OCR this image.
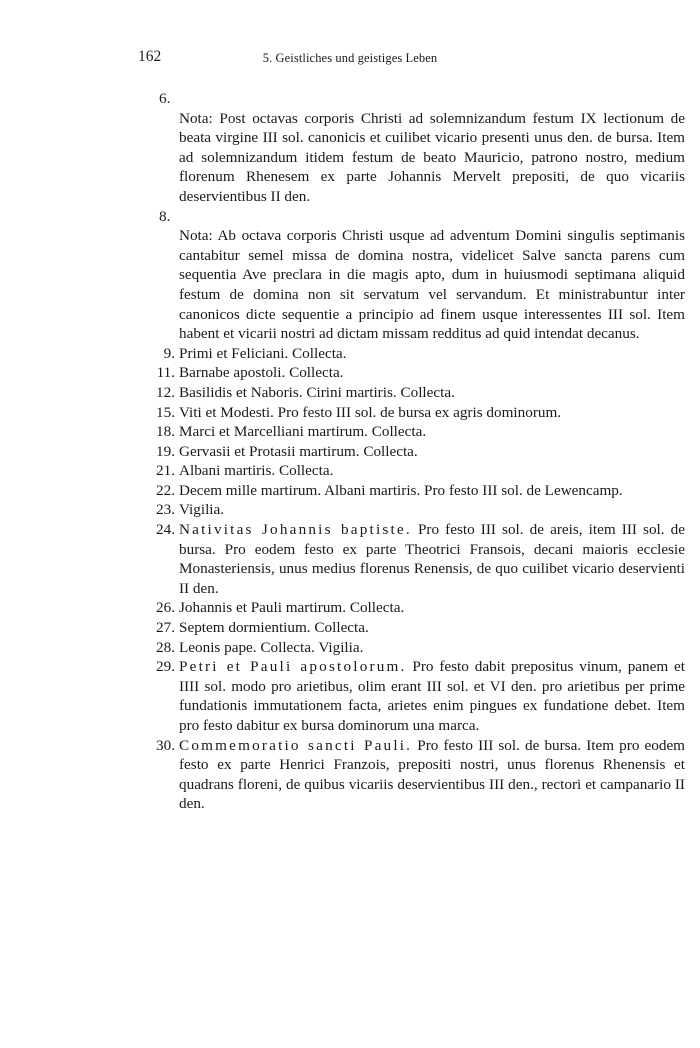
162	5. Geistliches und geistiges Leben
6.
Nota: Post octavas corporis Christi ad solemnizandum festum IX lectionum de beata virgine III sol. canonicis et cuilibet vicario presenti unus den. de bursa. Item ad solemnizandum itidem festum de beato Mauricio, patrono nostro, medium florenum Rhenesem ex parte Johannis Mervelt prepositi, de quo vicariis deservientibus II den.
8.
Nota: Ab octava corporis Christi usque ad adventum Domini singulis septimanis cantabitur semel missa de domina nostra, videlicet Salve sancta parens cum sequentia Ave preclara in die magis apto, dum in huiusmodi septimana aliquid festum de domina non sit servatum vel servandum. Et ministrabuntur inter canonicos dicte sequentie a principio ad finem usque interessentes III sol. Item habent et vicarii nostri ad dictam missam redditus ad quid intendat decanus.
9. Primi et Feliciani. Collecta.
11. Barnabe apostoli. Collecta.
12. Basilidis et Naboris. Cirini martiris. Collecta.
15. Viti et Modesti. Pro festo III sol. de bursa ex agris dominorum.
18. Marci et Marcelliani martirum. Collecta.
19. Gervasii et Protasii martirum. Collecta.
21. Albani martiris. Collecta.
22. Decem mille martirum. Albani martiris. Pro festo III sol. de Lewencamp.
23. Vigilia.
24. Nativitas Johannis baptiste. Pro festo III sol. de areis, item III sol. de bursa. Pro eodem festo ex parte Theotrici Fransois, decani maioris ecclesie Monasteriensis, unus medius florenus Renensis, de quo cuilibet vicario deservienti II den.
26. Johannis et Pauli martirum. Collecta.
27. Septem dormientium. Collecta.
28. Leonis pape. Collecta. Vigilia.
29. Petri et Pauli apostolorum. Pro festo dabit prepositus vinum, panem et IIII sol. modo pro arietibus, olim erant III sol. et VI den. pro arietibus per prime fundationis immutationem facta, arietes enim pingues ex fundatione debet. Item pro festo dabitur ex bursa dominorum una marca.
30. Commemoratio sancti Pauli. Pro festo III sol. de bursa. Item pro eodem festo ex parte Henrici Franzois, prepositi nostri, unus florenus Rhenensis et quadrans floreni, de quibus vicariis deservientibus III den., rectori et campanario II den.
